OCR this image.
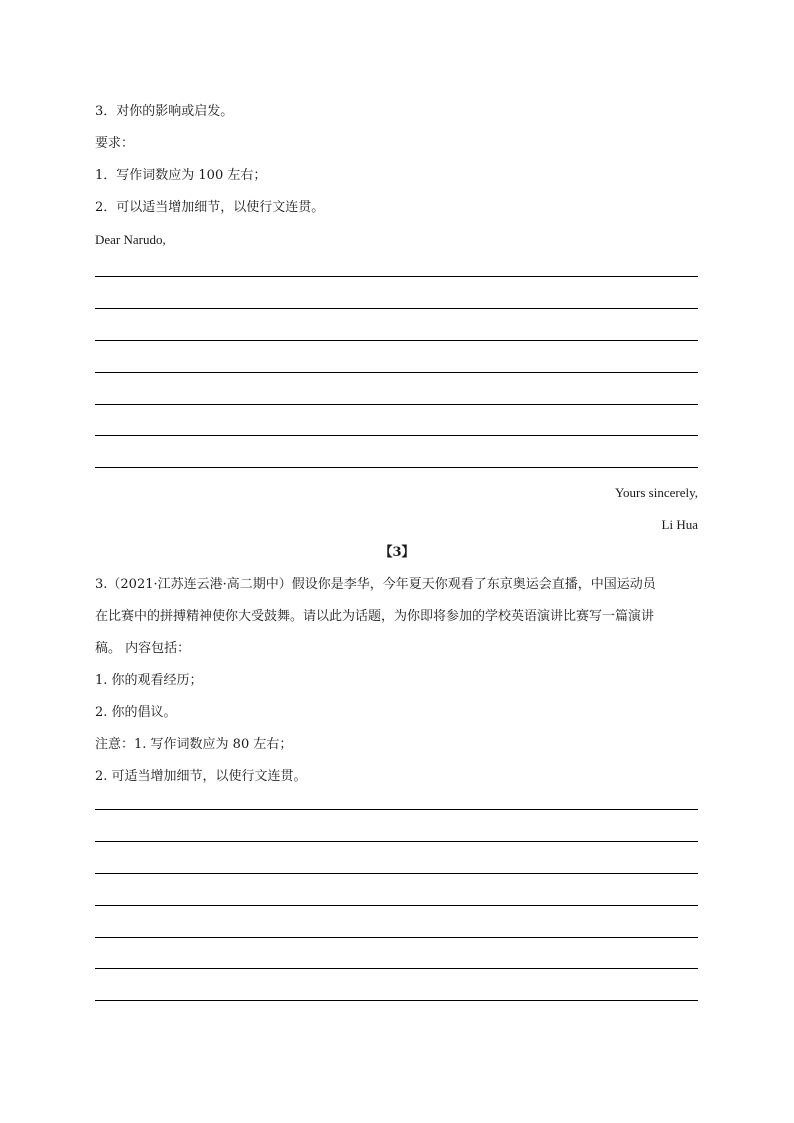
3．对你的影响或启发。
要求：
1．写作词数应为 100 左右；
2．可以适当增加细节，以使行文连贯。
Dear Narudo,
Yours sincerely,
Li Hua
【3】
3.（2021·江苏连云港·高二期中）假设你是李华，今年夏天你观看了东京奥运会直播，中国运动员
在比赛中的拼搏精神使你大受鼓舞。请以此为话题，为你即将参加的学校英语演讲比赛写一篇演讲
稿。 内容包括：
1. 你的观看经历；
2. 你的倡议。
注意：1. 写作词数应为 80 左右；
2. 可适当增加细节，以使行文连贯。
